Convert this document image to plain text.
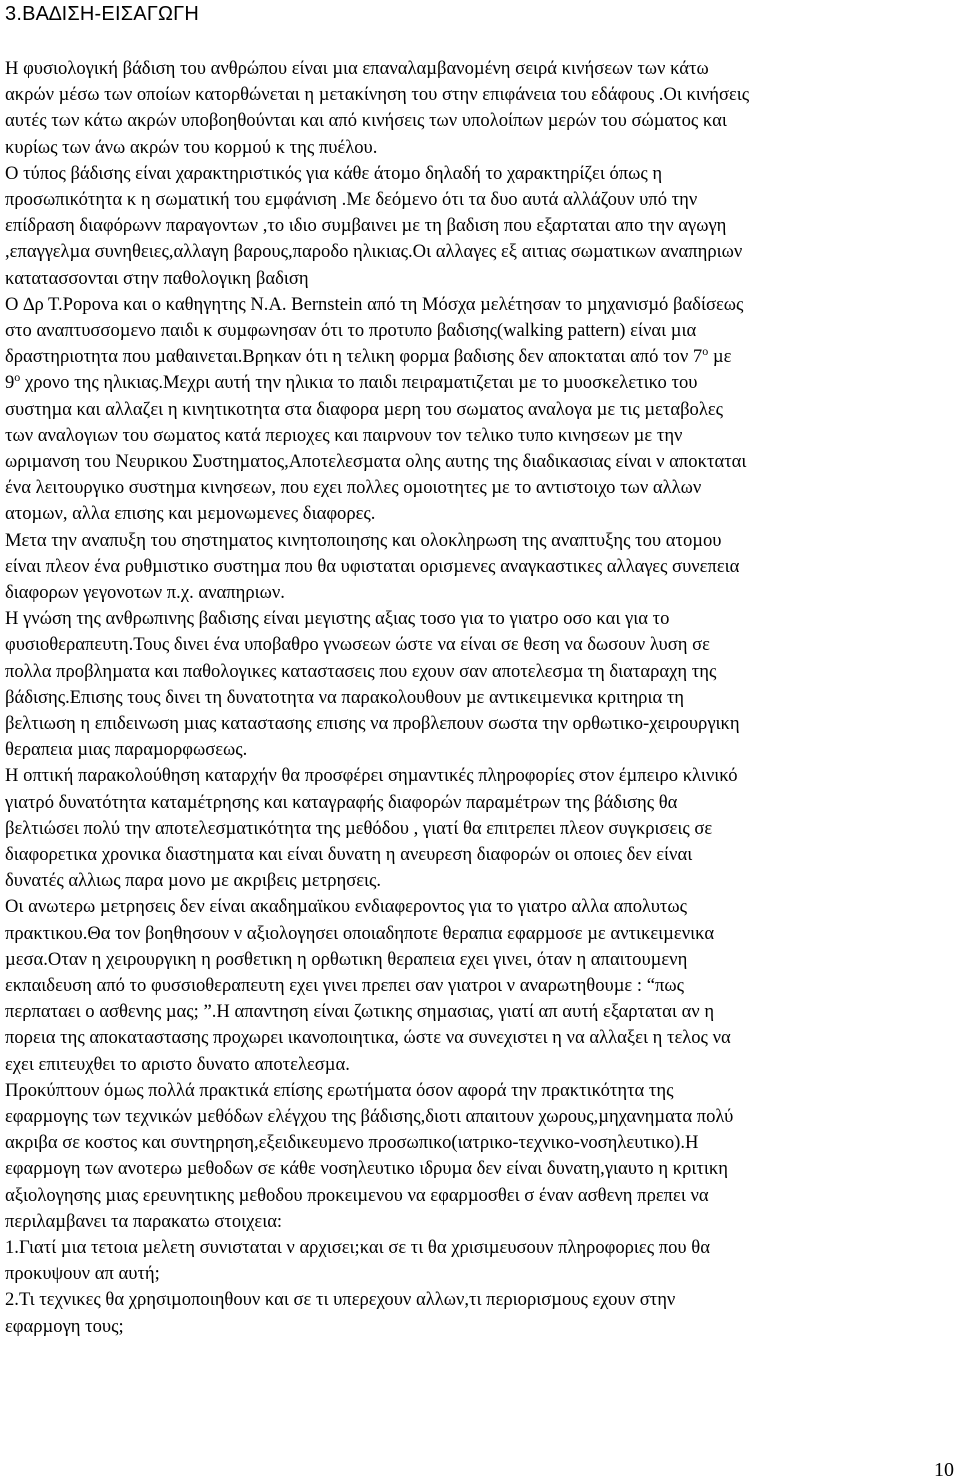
3.ΒΑ∆ΙΣΗ-ΕΙΣΑΓΩΓΗ
Η φυσιολογική βάδιση του ανθρώπου είναι µια επαναλαµβανοµένη σειρά κινήσεων των κάτω
ακρών µέσω των οποίων κατορθώνεται η µετακίνηση του στην επιφάνεια του εδάφους .Οι κινήσεις
αυτές των κάτω ακρών υποβοηθούνται και από κινήσεις των υπολοίπων µερών του σώµατος και
κυρίως των άνω ακρών του κορµού κ της πυέλου.
Ο τύπος βάδισης είναι χαρακτηριστικός για κάθε άτοµο δηλαδή το χαρακτηρίζει όπως η
προσωπικότητα κ η σωµατική του εµφάνιση .Με δεόµενο ότι τα δυο αυτά αλλάζουν υπό την
επίδραση διαφόρωνν παραγοντων ,το ιδιο συµβαινει µε τη βαδιση που εξαρταται απο την αγωγη
,επαγγελµα συνηθειες,αλλαγη βαρους,παροδο ηλικιας.Οι αλλαγες εξ αιτιας σωµατικων αναπηριων
κατατασσονται στην παθολογικη βαδιση
Ο ∆ρ Τ.Popova και ο καθηγητης Ν.Α. Bernstein από τη Μόσχα µελέτησαν το µηχανισµό βαδίσεως
στο αναπτυσσοµενο παιδι κ συµφωνησαν ότι το προτυπο βαδισης(walking pattern) είναι µια
δραστηριοτητα που µαθαινεται.Βρηκαν ότι η τελικη φορµα βαδισης δεν αποκταται από τον $7^o$ µε
$9^o$ χρονο της ηλικιας.Μεχρι αυτή την ηλικια το παιδι πειραµατιζεται µε το µυοσκελετικο του
συστηµα και αλλαζει η κινητικοτητα στα διαφορα µερη του σωµατος αναλογα µε τις µεταβολες
των αναλογιων του σωµατος κατά περιοχες και παιρνουν τον τελικο τυπο κινησεων µε την
ωριµανση του Νευρικου Συστηµατος,Αποτελεσµατα ολης αυτης της διαδικασιας είναι ν αποκταται
ένα λειτουργικο συστηµα κινησεων, που εχει πολλες οµοιοτητες µε το αντιστοιχο των αλλων
ατοµων, αλλα επισης και µεµονωµενες διαφορες.
Μετα την αναπυξη του σηστηµατος κινητοποιησης και ολοκληρωση της αναπτυξης του ατοµου
είναι πλεον ένα ρυθµιστικο συστηµα που θα υφισταται ορισµενες αναγκαστικες αλλαγες συνεπεια
διαφορων γεγονοτων π.χ. αναπηριων.
Η γνώση της ανθρωπινης βαδισης είναι µεγιστης αξιας τοσο για το γιατρο οσο και για το
φυσιοθεραπευτη.Τους δινει ένα υποβαθρο γνωσεων ώστε να είναι σε θεση να δωσουν λυση σε
πολλα προβληµατα και παθολογικες καταστασεις που εχουν σαν αποτελεσµα τη διαταραχη της
βάδισης.Επισης τους δινει τη δυνατοτητα να παρακολουθουν µε αντικειµενικα κριτηρια τη
βελτιωση η επιδεινωση µιας καταστασης επισης να προβλεπουν σωστα την ορθωτικο-χειρουργικη
θεραπεια µιας παραµορφωσεως.
Η οπτική παρακολούθηση καταρχήν θα προσφέρει σηµαντικές πληροφορίες στον έµπειρο κλινικό
γιατρό δυνατότητα καταµέτρησης και καταγραφής διαφορών παραµέτρων της βάδισης θα
βελτιώσει πολύ την αποτελεσµατικότητα της µεθόδου , γιατί θα επιτρεπει πλεον συγκρισεις σε
διαφορετικα χρονικα διαστηµατα και είναι δυνατη η ανευρεση διαφορών οι οποιες δεν είναι
δυνατές αλλιως παρα µονο µε ακριβεις µετρησεις.
Οι ανωτερω µετρησεις δεν είναι ακαδηµαϊκου ενδιαφεροντος για το γιατρο αλλα απολυτως
πρακτικου.Θα τον βοηθησουν ν αξιολογησει οποιαδηποτε θεραπια εφαρµοσε µε αντικειµενικα
µεσα.Οταν η χειρουργικη η ροσθετικη η ορθωτικη θεραπεια εχει γινει, όταν η απαιτουµενη
εκπαιδευση από το φυσσιοθεραπευτη εχει γινει πρεπει σαν γιατροι ν αναρωτηθουµε : “πως
περπαταει ο ασθενης µας; ”.Η απαντηση είναι ζωτικης σηµασιας, γιατί απ αυτή εξαρταται αν η
πορεια της αποκαταστασης προχωρει ικανοποιητικα, ώστε να συνεχιστει η να αλλαξει η τελος να
εχει επιτευχθει το αριστο δυνατο αποτελεσµα.
Προκύπτουν όµως πολλά πρακτικά επίσης ερωτήµατα όσον αφορά την πρακτικότητα της
εφαρµογης των τεχνικών µεθόδων ελέγχου της βάδισης,διοτι απαιτουν χωρους,µηχανηµατα πολύ
ακριβα σε κοστος και συντηρηση,εξειδικευµενο προσωπικο(ιατρικο-τεχνικο-νοσηλευτικο).Η
εφαρµογη των ανοτερω µεθοδων σε κάθε νοσηλευτικο ιδρυµα δεν είναι δυνατη,γιαυτο η κριτικη
αξιολογησης µιας ερευνητικης µεθοδου προκειµενου να εφαρµοσθει σ έναν ασθενη πρεπει να
περιλαµβανει τα παρακατω στοιχεια:
1.Γιατί µια τετοια µελετη συνισταται ν αρχισει;και σε τι θα χρισιµευσουν πληροφοριες που θα
προκυψουν απ αυτή;
2.Τι τεχνικες θα χρησιµοποιηθουν και σε τι υπερεχουν αλλων,τι περιορισµους εχουν στην
εφαρµογη τους;
10
